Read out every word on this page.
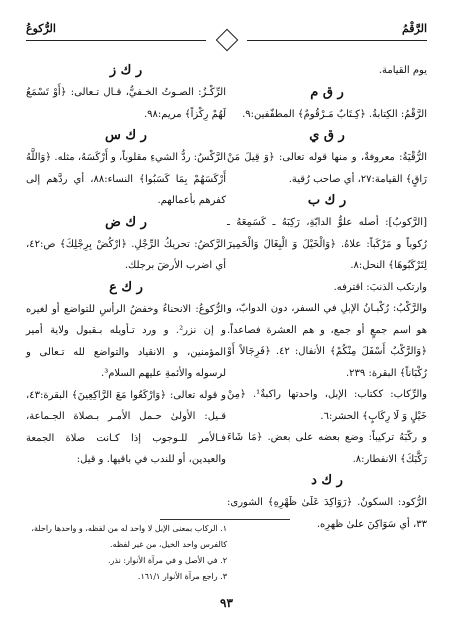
الرَّقْمُ
الرُّكوعُ
يوم القيامة.
ر ق م
الرَّقْمُ: الكِتابةُ. ﴿كِـتَابٌ مَـرْقُومٌ﴾ المطفّفين:٩.
ر ق ي
الرُّقْيَةُ: معروفةٌ، و منها قوله تعالى: ﴿وَ قِيلَ مَنْ رَاقٍ﴾ القيامة:٢٧، أي صاحب رُقية.
ر ك ب
[الرَّكوبُ]: أصله علوُّ الدابّةِ، رَكِبَهُ ـ كَسَمِعَهُ ـ رُكوباً و مَرْكَباً: علاهُ. ﴿وَالْخَيْلَ وَ الْبِغَالَ وَالْحَمِيرَ لِتَرْكَبُوهَا﴾ النحل:٨.
وارتكب الذنبَ: اقترفه.
والرَّكْبُ: رُكْبـانُ الإبلِ في السفر، دون الدوابّ، و هو اسم جمعٍ أو جمع، و هم العشرة فصاعداً. ﴿وَالرَّكْبُ أَسْفَلَ مِنْكُمْ﴾ الأنفال: ٤٢. ﴿فَرِجَالاً أَوْ رُكْبَاناً﴾ البقرة: ٢٣٩.
والرِّكاب: ككتاب: الإبل، واحدتها راكبةٌ¹. ﴿مِنْ خَيْلٍ وَ لَا رِكَابٍ﴾ الحشر:٦.
و ركّبَهُ تركيباً: وضع بعضه على بعض. ﴿مَا شَاءَ رَكَّبَكَ﴾ الانفطار:٨.
ر ك د
الرُّكود: السكونُ. ﴿رَوَاكِدَ عَلَىٰ ظَهْرِهِ﴾ الشورى: ٣٣، أي سَوَاكِنَ علىٰ ظهرِه.
ر ك ز
الرِّكْـزُ: الصـوتُ الخـفيُّ، قـال تـعالى: ﴿أَوْ تَسْمَعُ لَهُمْ رِكْزاً﴾ مريم:٩٨.
ر ك س
الرَّكْسُ: ردُّ الشيءِ مقلوباً، و أَرْكَسَهُ، مثله. ﴿وَاللَّهُ أَرْكَسَهُمْ بِمَا كَسَبُوا﴾ النساء:٨٨، أي ردَّهم إلى كفرهم بأعمالهم.
ر ك ض
الرَّكضُ: تحريكُ الرِّجْلِ. ﴿ارْكُضْ بِرِجْلِكَ﴾ ص:٤٢، أي اضرب الأرضَ برجلك.
ر ك ع
الرُّكوعُ: الانحناءُ وخفضُ الرأسِ للتواضع أو لغيره و إن نزر². و ورد تـأويله بـقبول ولاية أمير المؤمنين، و الانقياد والتواضع لله تـعالى و لرسوله والأئمةِ عليهم السلام³.
و قوله تعالى: ﴿وَارْكَعُوا مَعَ الرَّاكِعِينَ﴾ البقرة:٤٣، قـيل: الأولىٰ حـمل الأمـر بـصلاة الجـماعة، فـالأمر للـوجوب إذا كـانت صلاة الجمعة والعيدين، أو للندب في باقيها. و قيل:
١. الركاب بمعنى الإبل لا واحد له من لفظه، و واحدها راحلة، كالفرس واحد الخيل، من غير لفظه.
٢. في الأصل و في مرآة الأنوار: نذر.
٣. راجع مرآة الأنوار ١٦١/١.
٩٣
